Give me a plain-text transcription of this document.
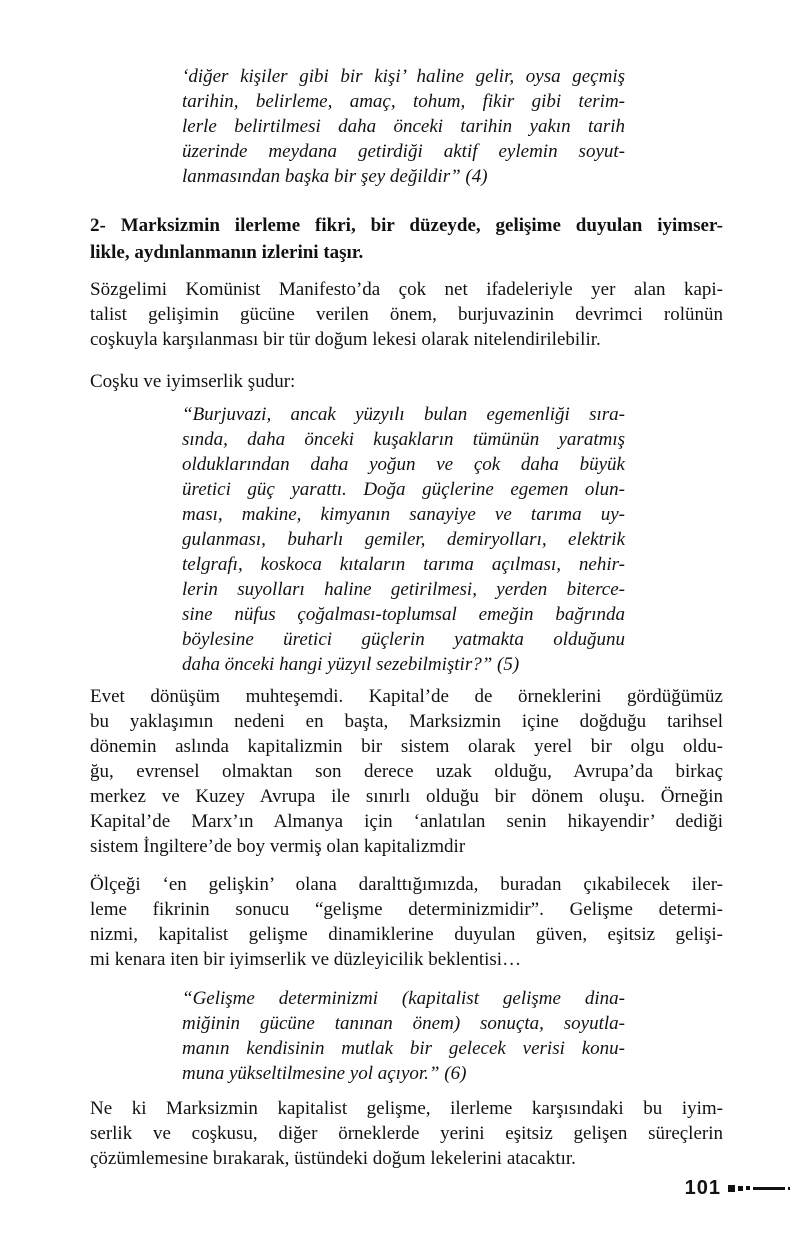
‘diğer kişiler gibi bir kişi’ haline gelir, oysa geçmiş
tarihin, belirleme, amaç, tohum, fikir gibi terim-
lerle belirtilmesi daha önceki tarihin yakın tarih
üzerinde meydana getirdiği aktif eylemin soyut-
lanmasından başka bir şey değildir” (4)
2- Marksizmin ilerleme fikri, bir düzeyde, gelişime duyulan iyimser-
likle, aydınlanmanın izlerini taşır.
Sözgelimi Komünist Manifesto’da çok net ifadeleriyle yer alan kapi-
talist gelişimin gücüne verilen önem, burjuvazinin devrimci rolünün
coşkuyla karşılanması bir tür doğum lekesi olarak nitelendirilebilir.
Coşku ve iyimserlik şudur:
“Burjuvazi, ancak yüzyılı bulan egemenliği sıra-
sında, daha önceki kuşakların tümünün yaratmış
olduklarından daha yoğun ve çok daha büyük
üretici güç yarattı. Doğa güçlerine egemen olun-
ması, makine, kimyanın sanayiye ve tarıma uy-
gulanması, buharlı gemiler, demiryolları, elektrik
telgrafı, koskoca kıtaların tarıma açılması, nehir-
lerin suyolları haline getirilmesi, yerden biterce-
sine nüfus çoğalması-toplumsal emeğin bağrında
böylesine üretici güçlerin yatmakta olduğunu
daha önceki hangi yüzyıl sezebilmiştir?” (5)
Evet dönüşüm muhteşemdi. Kapital’de de örneklerini gördüğümüz
bu yaklaşımın nedeni en başta, Marksizmin içine doğduğu tarihsel
dönemin aslında kapitalizmin bir sistem olarak yerel bir olgu oldu-
ğu, evrensel olmaktan son derece uzak olduğu, Avrupa’da birkaç
merkez ve Kuzey Avrupa ile sınırlı olduğu bir dönem oluşu. Örneğin
Kapital’de Marx’ın Almanya için ‘anlatılan senin hikayendir’ dediği
sistem İngiltere’de boy vermiş olan kapitalizmdir
Ölçeği ‘en gelişkin’ olana daralttığımızda, buradan çıkabilecek iler-
leme fikrinin sonucu “gelişme determinizmidir”. Gelişme determi-
nizmi, kapitalist gelişme dinamiklerine duyulan güven, eşitsiz gelişi-
mi kenara iten bir iyimserlik ve düzleyicilik beklentisi…
“Gelişme determinizmi (kapitalist gelişme dina-
miğinin gücüne tanınan önem) sonuçta, soyutla-
manın kendisinin mutlak bir gelecek verisi konu-
muna yükseltilmesine yol açıyor.” (6)
Ne ki Marksizmin kapitalist gelişme, ilerleme karşısındaki bu iyim-
serlik ve coşkusu, diğer örneklerde yerini eşitsiz gelişen süreçlerin
çözümlemesine bırakarak, üstündeki doğum lekelerini atacaktır.
101
